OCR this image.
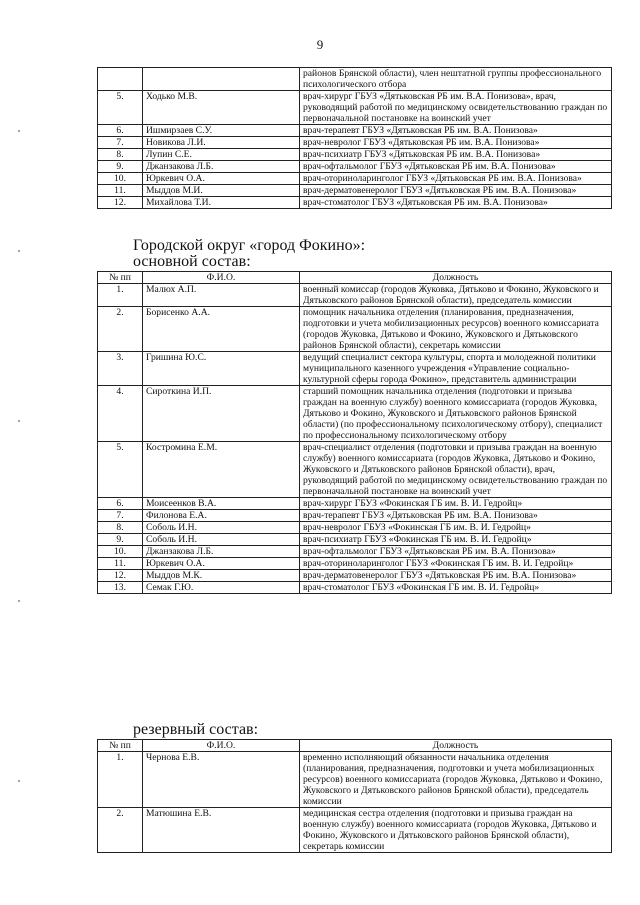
9
		районов Брянской области), член нештатной группы профессионального психологического отбора
5.	Ходько М.В.	врач-хирург ГБУЗ «Дятьковская РБ им. В.А. Понизова», врач, руководящий работой по медицинскому освидетельствованию граждан по первоначальной постановке на воинский учет
6.	Ишмирзаев С.У.	врач-терапевт ГБУЗ «Дятьковская РБ им. В.А. Понизова»
7.	Новикова Л.И.	врач-невролог ГБУЗ «Дятьковская РБ им. В.А. Понизова»
8.	Лупин С.Е.	врач-психиатр ГБУЗ «Дятьковская РБ им. В.А. Понизова»
9.	Джанзакова Л.Б.	врач-офтальмолог ГБУЗ «Дятьковская РБ им. В.А. Понизова»
10.	Юркевич О.А.	врач-оториноларинголог ГБУЗ «Дятьковская РБ им. В.А. Понизова»
11.	Мыддов М.И.	врач-дерматовенеролог ГБУЗ «Дятьковская РБ им. В.А. Понизова»
12.	Михайлова Т.И.	врач-стоматолог ГБУЗ «Дятьковская РБ им. В.А. Понизова»
Городской округ «город Фокино»:
основной состав:
№ пп	Ф.И.О.	Должность
1.	Малюх А.П.	военный комиссар (городов Жуковка, Дятьково и Фокино, Жуковского и Дятьковского районов Брянской области), председатель комиссии
2.	Борисенко А.А.	помощник начальника отделения (планирования, предназначения, подготовки и учета мобилизационных ресурсов) военного комиссариата (городов Жуковка, Дятьково и Фокино, Жуковского и Дятьковского районов Брянской области), секретарь комиссии
3.	Гришина Ю.С.	ведущий специалист сектора культуры, спорта и молодежной политики муниципального казенного учреждения «Управление социально-культурной сферы города Фокино», представитель администрации
4.	Сироткина И.П.	старший помощник начальника отделения (подготовки и призыва граждан на военную службу) военного комиссариата (городов Жуковка, Дятьково и Фокино, Жуковского и Дятьковского районов Брянской области) (по профессиональному психологическому отбору), специалист по профессиональному психологическому отбору
5.	Костромина Е.М.	врач-специалист отделения (подготовки и призыва граждан на военную службу) военного комиссариата (городов Жуковка, Дятьково и Фокино, Жуковского и Дятьковского районов Брянской области), врач, руководящий работой по медицинскому освидетельствованию граждан по первоначальной постановке на воинский учет
6.	Моисеенков В.А.	врач-хирург ГБУЗ «Фокинская ГБ им. В. И. Гедройц»
7.	Филонова Е.А.	врач-терапевт ГБУЗ «Дятьковская РБ им. В.А. Понизова»
8.	Соболь И.Н.	врач-невролог ГБУЗ «Фокинская ГБ им. В. И. Гедройц»
9.	Соболь И.Н.	врач-психиатр ГБУЗ «Фокинская ГБ им. В. И. Гедройц»
10.	Джанзакова Л.Б.	врач-офтальмолог ГБУЗ «Дятьковская РБ им. В.А. Понизова»
11.	Юркевич О.А.	врач-оториноларинголог ГБУЗ «Фокинская ГБ им. В. И. Гедройц»
12.	Мыддов М.К.	врач-дерматовенеролог ГБУЗ «Дятьковская РБ им. В.А. Понизова»
13.	Семак Г.Ю.	врач-стоматолог ГБУЗ «Фокинская ГБ им. В. И. Гедройц»
резервный состав:
№ пп	Ф.И.О.	Должность
1.	Чернова Е.В.	временно исполняющий обязанности начальника отделения (планирования, предназначения, подготовки и учета мобилизационных ресурсов) военного комиссариата (городов Жуковка, Дятьково и Фокино, Жуковского и Дятьковского районов Брянской области), председатель комиссии
2.	Матюшина Е.В.	медицинская сестра отделения (подготовки и призыва граждан на военную службу) военного комиссариата (городов Жуковка, Дятьково и Фокино, Жуковского и Дятьковского районов Брянской области), секретарь комиссии
